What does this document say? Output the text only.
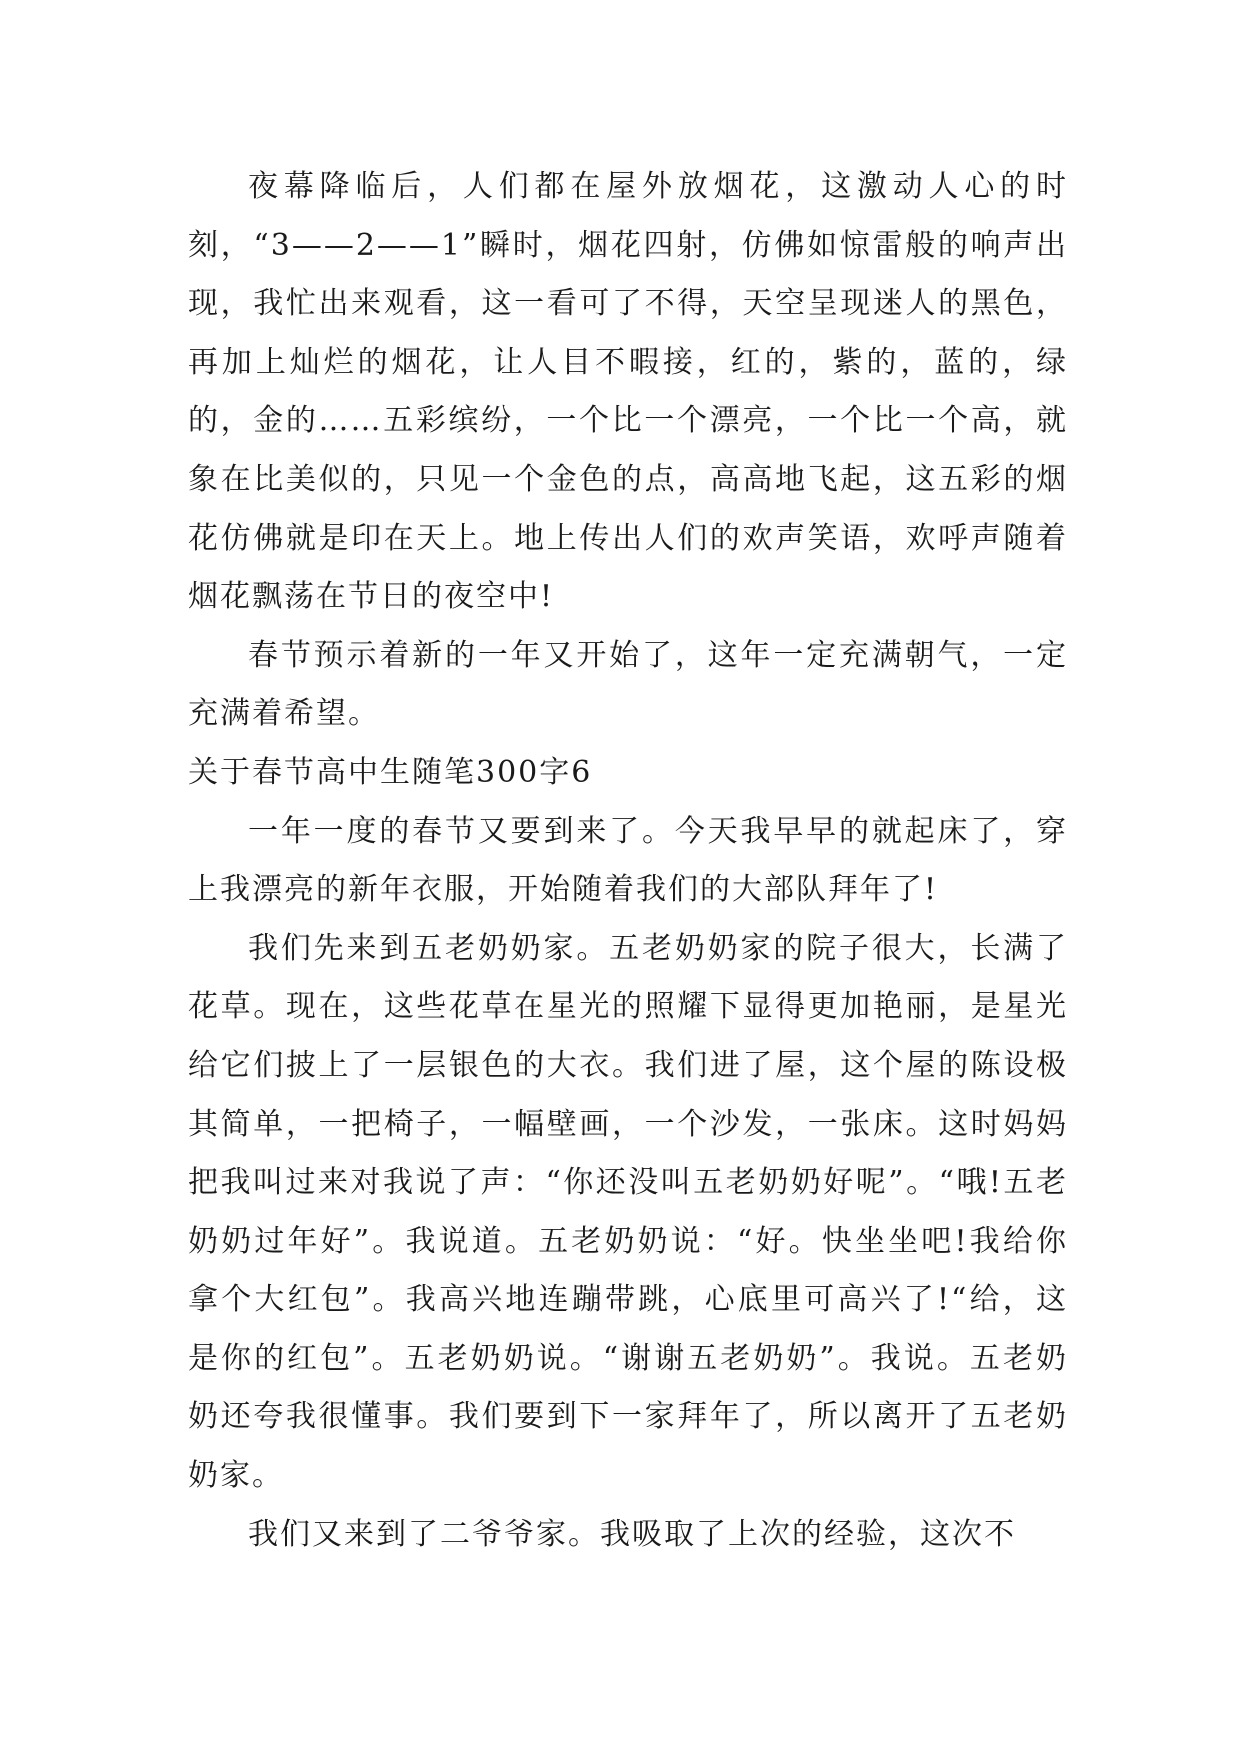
夜幕降临后，人们都在屋外放烟花，这激动人心的时刻，“3——2——1”瞬时，烟花四射，仿佛如惊雷般的响声出现，我忙出来观看，这一看可了不得，天空呈现迷人的黑色，再加上灿烂的烟花，让人目不暇接，红的，紫的，蓝的，绿的，金的……五彩缤纷，一个比一个漂亮，一个比一个高，就象在比美似的，只见一个金色的点，高高地飞起，这五彩的烟花仿佛就是印在天上。地上传出人们的欢声笑语，欢呼声随着烟花飘荡在节日的夜空中!

春节预示着新的一年又开始了，这年一定充满朝气，一定充满着希望。

关于春节高中生随笔300字6

一年一度的春节又要到来了。今天我早早的就起床了，穿上我漂亮的新年衣服，开始随着我们的大部队拜年了!

我们先来到五老奶奶家。五老奶奶家的院子很大，长满了花草。现在，这些花草在星光的照耀下显得更加艳丽，是星光给它们披上了一层银色的大衣。我们进了屋，这个屋的陈设极其简单，一把椅子，一幅壁画，一个沙发，一张床。这时妈妈把我叫过来对我说了声：“你还没叫五老奶奶好呢”。“哦!五老奶奶过年好”。我说道。五老奶奶说：“好。快坐坐吧!我给你拿个大红包”。我高兴地连蹦带跳，心底里可高兴了!“给，这是你的红包”。五老奶奶说。“谢谢五老奶奶”。我说。五老奶奶还夸我很懂事。我们要到下一家拜年了，所以离开了五老奶奶家。

我们又来到了二爷爷家。我吸取了上次的经验，这次不
